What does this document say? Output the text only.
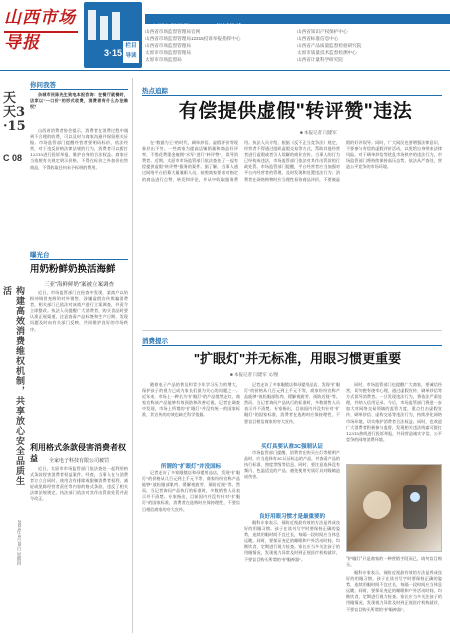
山西市场导报	3·15
栏目
导读
山西市场导报 3·15投诉热线：0351—4069315
山西省市场监督管理局官网	山西省知识产权保护中心
山西省市场监督管理局12315投诉举报指挥中心	山西省标准信息中心
山西省市场监督管理局	山西省产品质量监督检验研究院
太原市市场监督管理局	太原市质量技术监督检测中心
太原市市场监督局	山西省计量科学研究院
你问我答
杂城市民陈先生致电本报咨询：在餐厅就餐时，店家以"一口价"的形式收费，消费者有什么办法维权？
天天3·15
C 08
山西省消费者协会提示，消费者在消费过程中遇到不合理的收费，可以及时与商家沟通并保留相关证据。市场监管部门提醒经营者要明码标价，依法经营，对于违反价格法律法规的行为，消费者可以拨打12315进行投诉举报，维护自身的合法权益。商家应当依照有关规定明示价格，不得在标价之外加价出售商品，不得收取任何未予标明的费用。
曝光台
用奶粉鲜奶换活海鲜
三亚"海鲜鲜奶"案被立案调查
近日，市场监管部门在检查中发现，某商户以奶粉冲调冒充鲜奶对外销售，涉嫌虚假宣传欺骗消费者，相关部门已依法对该商户进行立案调查，并责令立即整改。执法人员提醒广大消费者，购买食品时要认准正规渠道，注意查看产品标签和生产日期，发现问题及时向有关部门反映，共同维护良好的市场秩序。
利用格式条款侵害消费者权益	全家电子科技有限公司被罚
近日，太原市市场监管部门依法查处一起利用格式条款侵害消费者权益案件。经查，当事人在与消费者订立合同时，使用含有排除或限制消费者权利、减轻或免除经营者责任等内容的格式条款，违反了相关法律法规规定。执法部门依法对其作出罚款处罚并责令改正。
构建高效消费维权机制，共享放心安全品质生活
2024年4月25日 星期四
热点追踪
有偿提供虚假"转评赞"违法
■ 本报记者 闫建军
在"数据为王"的时代，刷单炒信、虚假评价等现象层出不穷。一些商家为提高店铺销量和商品好评率，不惜花费重金雇佣"水军"进行"转评赞"，误导消费者。近期，太原市市场监管部门依法查处了一起有偿提供虚假"转评赞"服务的案件。据了解，当事人通过网络平台招募大量兼职人员，按照商家要求对指定的商品进行点赞、转发和评论，并从中收取服务费用。执法人员介绍，根据《反不正当竞争法》规定，经营者不得通过组织虚假交易等方式，帮助其他经营者进行虚假或者引人误解的商业宣传。当事人的行为已经构成违法，市场监管部门依法对其作出罚款的行政处罚。市场监管部门提醒，平台经营者应当加强对平台内经营者的管理，及时发现和处置违法行为；消费者在网络购物时应当理性看待商品评价，不要被虚假的好评误导。同时，广大网民也要增强法律意识，不要参与有偿的虚假评价活动，以免给自身带来法律风险。对于刷单炒信等扰乱市场秩序的违法行为，市场监管部门将持续保持高压态势，依法从严查处，营造公平竞争的市场环境。
消费提示
"扩眼灯"并无标准，用眼习惯更重要
■ 本报记者 闫建军 文/图
随着电子产品的普及和青少年学习压力的增大，保护孩子的视力已成为家长们最为关心的问题之一。近年来，市场上一种名为"扩眼灯"的产品悄然走红，商家宣称该产品能够有效预防和改善近视。记者在调查中发现，市场上所谓的"扩眼灯"并没有统一的国家标准，其宣传的功效也缺乏科学依据。
所谓的"扩眼灯"并没国标
记者走访了多家眼镜店和母婴用品店，发现"扩眼灯"的价格从几百元到上千元不等，商家纷纷宣称产品能够"放松眼部肌肉、缓解视疲劳、预防近视"等。然而，当记者询问产品执行的标准时，多数销售人员表示并不清楚。专家指出，目前国内并没有针对"扩眼灯"的国家标准，消费者在选购时应保持理性，不要盲目相信商家的夸大宣传。
记者走访了多家眼镜店和母婴用品店，发现"扩眼灯"的价格从几百元到上千元不等，商家纷纷宣称产品能够"放松眼部肌肉、缓解视疲劳、预防近视"等。然而，当记者询问产品执行的标准时，多数销售人员表示并不清楚。专家指出，目前国内并没有针对"扩眼灯"的国家标准，消费者在选购时应保持理性，不要盲目相信商家的夸大宣传。
买灯具要认准3C强制认证
市场监管部门提醒，消费者在购买台灯等照明产品时，应当选择有3C认证标志的产品，并查看产品的执行标准、照度等级等信息。同时，要注意选择没有频闪、色温适宜的产品，避免使用劣质灯具对眼睛造成伤害。
良好用眼习惯才是最重要的
眼科专家表示，预防近视最有效的方法是养成良好的用眼习惯。孩子在读书写字时要保持正确的姿势，连续用眼时间不宜过长，每隔一段时间应当休息远眺。同时，要保证充足的睡眠和户外活动时间，均衡饮食，定期进行视力检查。家长应当多关注孩子的用眼情况，发现视力异常及时到正规医疗机构就诊，不要盲目购买所谓的"护眼神器"。
同时，市场监管部门也提醒广大商家，要诚信经营，切勿抱有侥幸心理，通过虚假宣传、刷单炒信等方式误导消费者。一旦发现违法行为，将依法严肃处理，并纳入信用记录。今后，市场监管部门将进一步加大对网络交易领域的监管力度，重点打击虚假宣传、刷单炒信、虚构交易等违法行为，持续净化网络市场环境，切实维护消费者合法权益。同时，也欢迎广大消费者积极参与监督，发现相关违法线索可拨打12315热线进行投诉举报，共同营造诚实守信、公平竞争的网络消费环境。
"护眼灯"只是商家的一种营销手段而已，请勿盲目购买。
眼科专家表示，预防近视最有效的方法是养成良好的用眼习惯。孩子在读书写字时要保持正确的姿势，连续用眼时间不宜过长，每隔一段时间应当休息远眺。同时，要保证充足的睡眠和户外活动时间，均衡饮食，定期进行视力检查。家长应当多关注孩子的用眼情况，发现视力异常及时到正规医疗机构就诊，不要盲目购买所谓的"护眼神器"。
